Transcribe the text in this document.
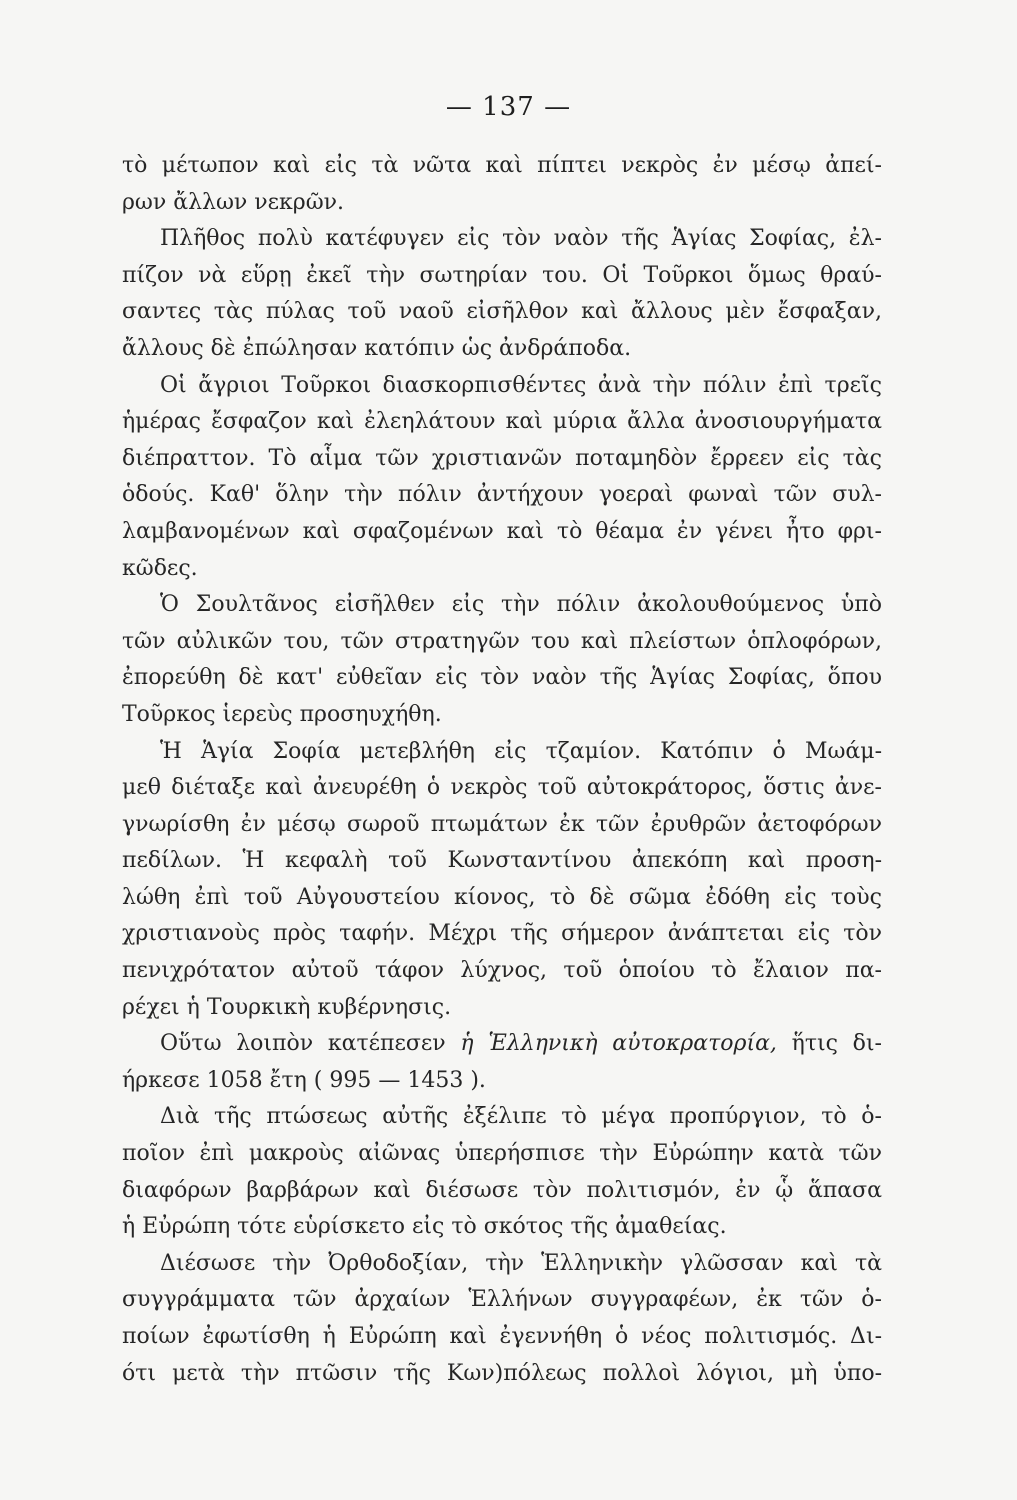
— 137 —
τὸ μέτωπον καὶ εἰς τὰ νῶτα καὶ πίπτει νεκρὸς ἐν μέσῳ ἀπεί-
ρων ἄλλων νεκρῶν.
Πλῆθος πολὺ κατέφυγεν εἰς τὸν ναὸν τῆς Ἁγίας Σοφίας, ἐλ-
πίζον νὰ εὕρῃ ἐκεῖ τὴν σωτηρίαν του. Οἱ Τοῦρκοι ὅμως θραύ-
σαντες τὰς πύλας τοῦ ναοῦ εἰσῆλθον καὶ ἄλλους μὲν ἔσφαξαν,
ἄλλους δὲ ἐπώλησαν κατόπιν ὡς ἀνδράποδα.
Οἱ ἄγριοι Τοῦρκοι διασκορπισθέντες ἀνὰ τὴν πόλιν ἐπὶ τρεῖς
ἡμέρας ἔσφαζον καὶ ἐλεηλάτουν καὶ μύρια ἄλλα ἀνοσιουργήματα
διέπραττον. Τὸ αἷμα τῶν χριστιανῶν ποταμηδὸν ἔρρεεν εἰς τὰς
ὁδούς. Καθ' ὅλην τὴν πόλιν ἀντήχουν γοεραὶ φωναὶ τῶν συλ-
λαμβανομένων καὶ σφαζομένων καὶ τὸ θέαμα ἐν γένει ἦτο φρι-
κῶδες.
Ὁ Σουλτᾶνος εἰσῆλθεν εἰς τὴν πόλιν ἀκολουθούμενος ὑπὸ
τῶν αὐλικῶν του, τῶν στρατηγῶν του καὶ πλείστων ὁπλοφόρων,
ἐπορεύθη δὲ κατ' εὐθεῖαν εἰς τὸν ναὸν τῆς Ἁγίας Σοφίας, ὅπου
Τοῦρκος ἱερεὺς προσηυχήθη.
Ἡ Ἁγία Σοφία μετεβλήθη εἰς τζαμίον. Κατόπιν ὁ Μωάμ-
μεθ διέταξε καὶ ἀνευρέθη ὁ νεκρὸς τοῦ αὐτοκράτορος, ὅστις ἀνε-
γνωρίσθη ἐν μέσῳ σωροῦ πτωμάτων ἐκ τῶν ἐρυθρῶν ἀετοφόρων
πεδίλων. Ἡ κεφαλὴ τοῦ Κωνσταντίνου ἀπεκόπη καὶ προση-
λώθη ἐπὶ τοῦ Αὐγουστείου κίονος, τὸ δὲ σῶμα ἐδόθη εἰς τοὺς
χριστιανοὺς πρὸς ταφήν. Μέχρι τῆς σήμερον ἀνάπτεται εἰς τὸν
πενιχρότατον αὐτοῦ τάφον λύχνος, τοῦ ὁποίου τὸ ἔλαιον πα-
ρέχει ἡ Τουρκικὴ κυβέρνησις.
Οὕτω λοιπὸν κατέπεσεν ἡ Ἑλληνικὴ αὐτοκρατορία, ἥτις δι-
ήρκεσε 1058 ἔτη ( 995 — 1453 ).
Διὰ τῆς πτώσεως αὐτῆς ἐξέλιπε τὸ μέγα προπύργιον, τὸ ὁ-
ποῖον ἐπὶ μακροὺς αἰῶνας ὑπερήσπισε τὴν Εὐρώπην κατὰ τῶν
διαφόρων βαρβάρων καὶ διέσωσε τὸν πολιτισμόν, ἐν ᾧ ἅπασα
ἡ Εὐρώπη τότε εὑρίσκετο εἰς τὸ σκότος τῆς ἀμαθείας.
Διέσωσε τὴν Ὀρθοδοξίαν, τὴν Ἑλληνικὴν γλῶσσαν καὶ τὰ
συγγράμματα τῶν ἀρχαίων Ἑλλήνων συγγραφέων, ἐκ τῶν ὁ-
ποίων ἐφωτίσθη ἡ Εὐρώπη καὶ ἐγεννήθη ὁ νέος πολιτισμός. Δι-
ότι μετὰ τὴν πτῶσιν τῆς Κων)πόλεως πολλοὶ λόγιοι, μὴ ὑπο-
